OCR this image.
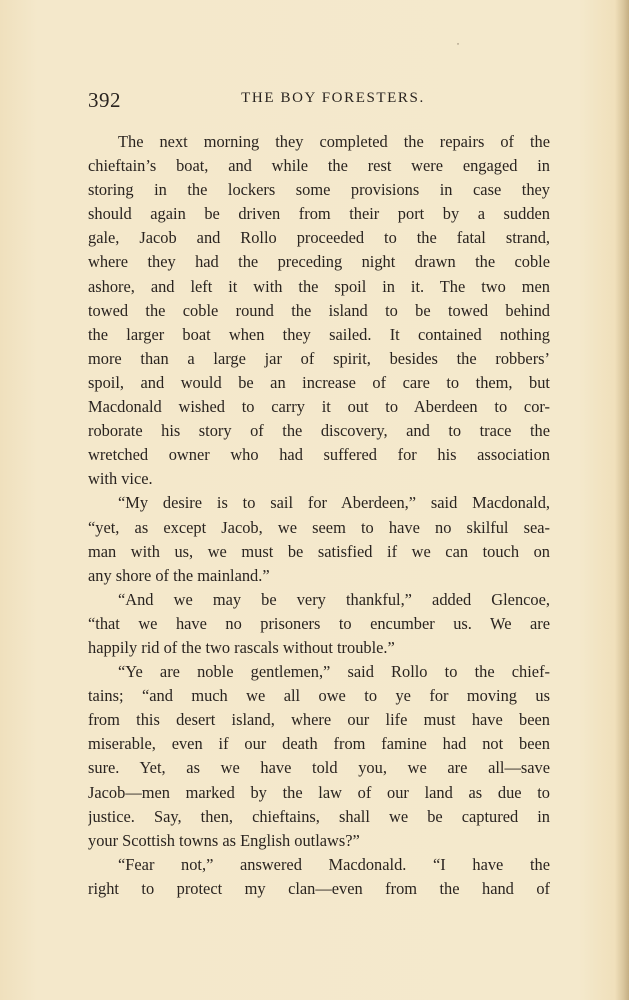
˙
392	THE BOY FORESTERS.
The next morning they completed the repairs of the
chieftain’s boat, and while the rest were engaged in
storing in the lockers some provisions in case they
should again be driven from their port by a sudden
gale, Jacob and Rollo proceeded to the fatal strand,
where they had the preceding night drawn the coble
ashore, and left it with the spoil in it. The two men
towed the coble round the island to be towed behind
the larger boat when they sailed. It contained nothing
more than a large jar of spirit, besides the robbers’
spoil, and would be an increase of care to them, but
Macdonald wished to carry it out to Aberdeen to cor-
roborate his story of the discovery, and to trace the
wretched owner who had suffered for his association
with vice.
“My desire is to sail for Aberdeen,” said Macdonald,
“yet, as except Jacob, we seem to have no skilful sea-
man with us, we must be satisfied if we can touch on
any shore of the mainland.”
“And we may be very thankful,” added Glencoe,
“that we have no prisoners to encumber us. We are
happily rid of the two rascals without trouble.”
“Ye are noble gentlemen,” said Rollo to the chief-
tains; “and much we all owe to ye for moving us
from this desert island, where our life must have been
miserable, even if our death from famine had not been
sure. Yet, as we have told you, we are all—save
Jacob—men marked by the law of our land as due to
justice. Say, then, chieftains, shall we be captured in
your Scottish towns as English outlaws?”
“Fear not,” answered Macdonald. “I have the
right to protect my clan—even from the hand of
